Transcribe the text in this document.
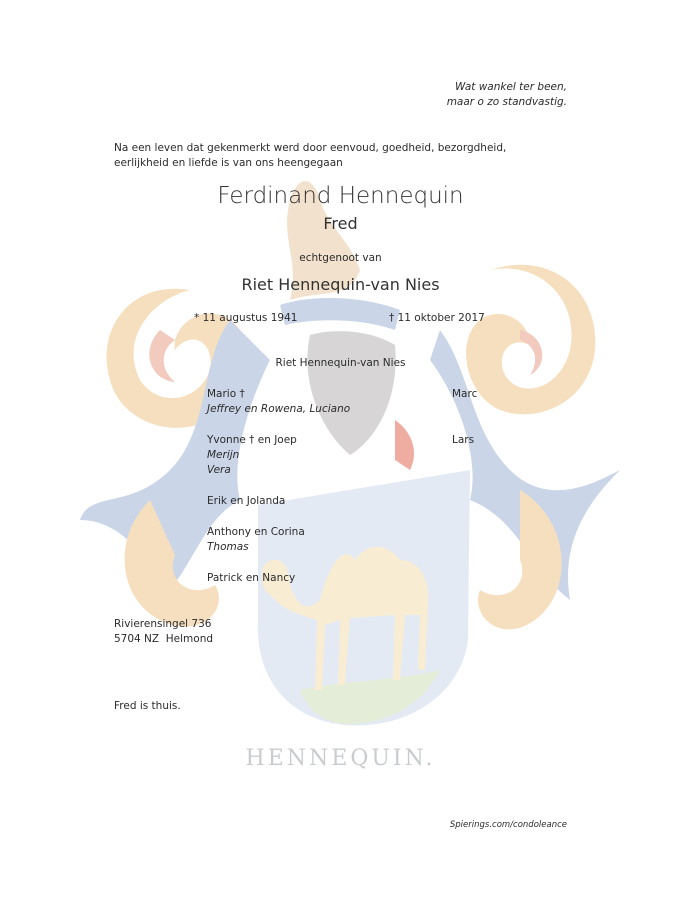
Wat wankel ter been,
maar o zo standvastig.

Na een leven dat gekenmerkt werd door eenvoud, goedheid, bezorgdheid, eerlijkheid en liefde is van ons heengegaan

Ferdinand Hennequin

Fred

echtgenoot van

Riet Hennequin-van Nies

* 11 augustus 1941	† 11 oktober 2017

Riet Hennequin-van Nies

Mario †
Jeffrey en Rowena, Luciano

Yvonne † en Joep
Merijn
Vera

Erik en Jolanda

Anthony en Corina
Thomas

Patrick en Nancy

Marc

Lars

Rivierensingel 736
5704 NZ  Helmond

Fred is thuis.

HENNEQUIN.

Spierings.com/condoleance
